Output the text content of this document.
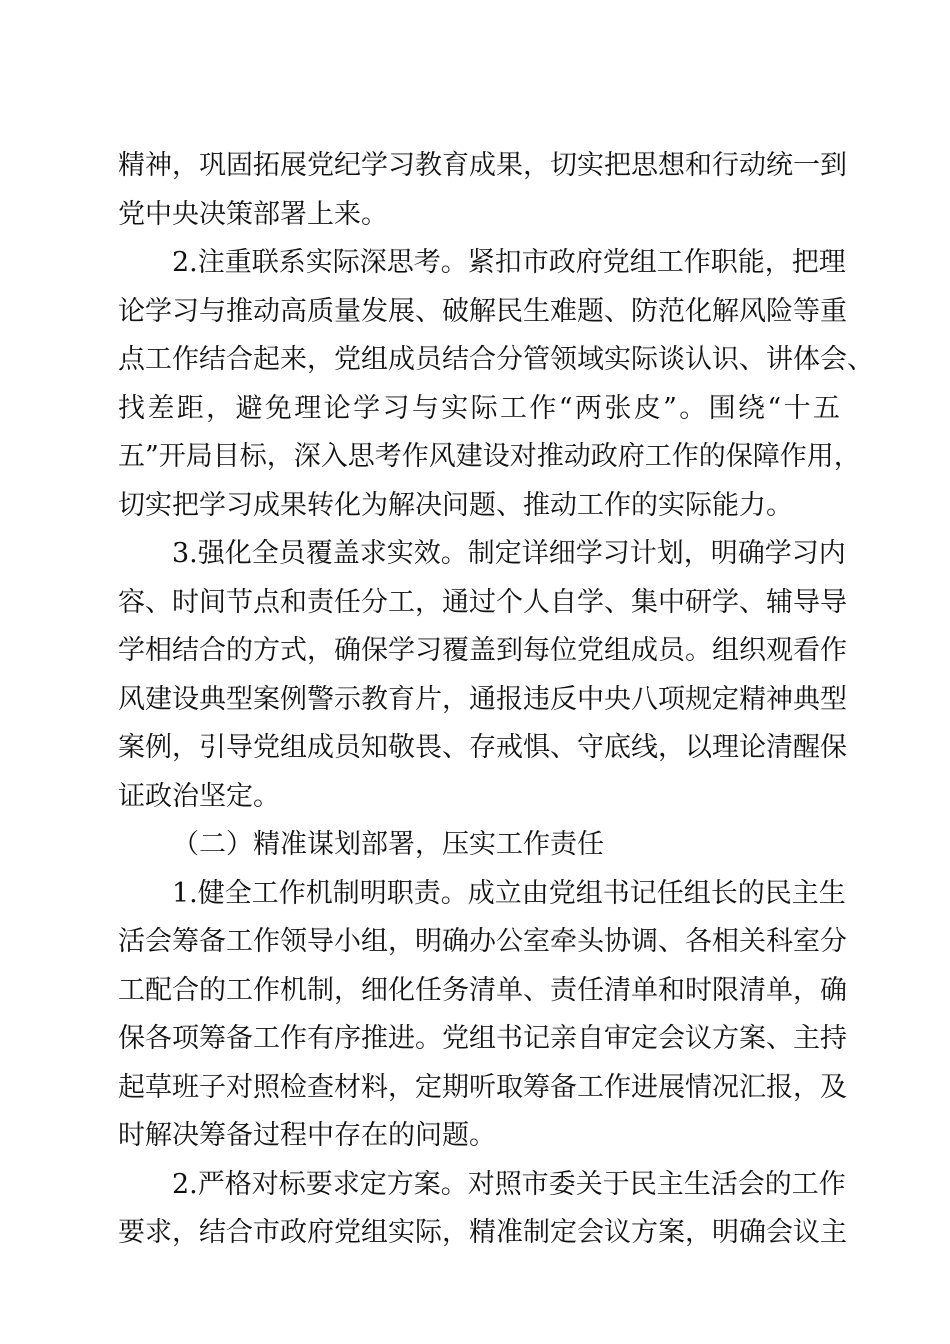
精神，巩固拓展党纪学习教育成果，切实把思想和行动统一到
党中央决策部署上来。
2.注重联系实际深思考。紧扣市政府党组工作职能，把理
论学习与推动高质量发展、破解民生难题、防范化解风险等重
点工作结合起来，党组成员结合分管领域实际谈认识、讲体会、
找差距，避免理论学习与实际工作“两张皮”。围绕“十五
五”开局目标，深入思考作风建设对推动政府工作的保障作用，
切实把学习成果转化为解决问题、推动工作的实际能力。
3.强化全员覆盖求实效。制定详细学习计划，明确学习内
容、时间节点和责任分工，通过个人自学、集中研学、辅导导
学相结合的方式，确保学习覆盖到每位党组成员。组织观看作
风建设典型案例警示教育片，通报违反中央八项规定精神典型
案例，引导党组成员知敬畏、存戒惧、守底线，以理论清醒保
证政治坚定。
（二）精准谋划部署，压实工作责任
1.健全工作机制明职责。成立由党组书记任组长的民主生
活会筹备工作领导小组，明确办公室牵头协调、各相关科室分
工配合的工作机制，细化任务清单、责任清单和时限清单，确
保各项筹备工作有序推进。党组书记亲自审定会议方案、主持
起草班子对照检查材料，定期听取筹备工作进展情况汇报，及
时解决筹备过程中存在的问题。
2.严格对标要求定方案。对照市委关于民主生活会的工作
要求，结合市政府党组实际，精准制定会议方案，明确会议主
